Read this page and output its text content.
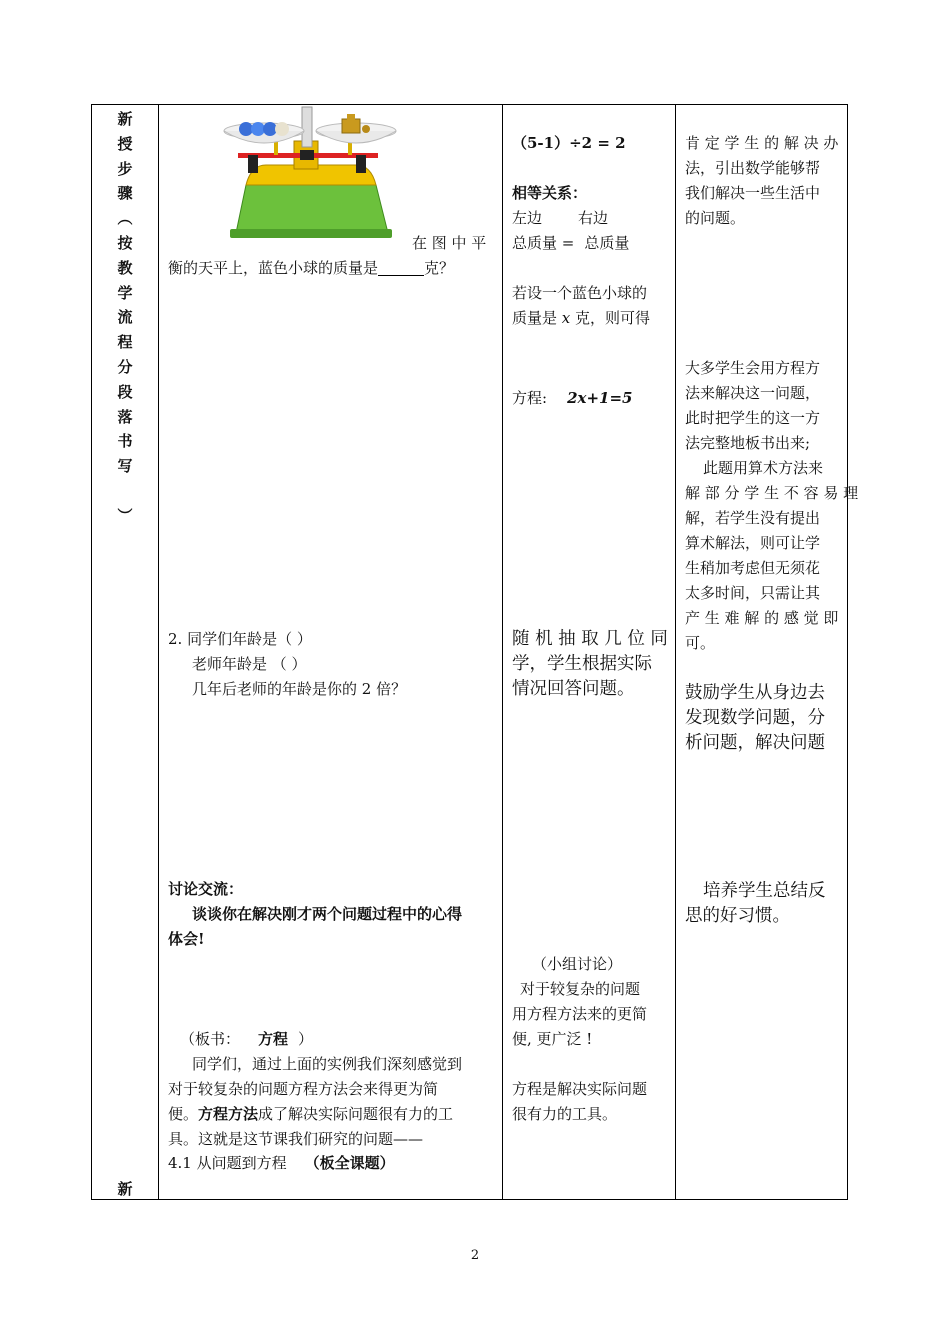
新
授
步
骤
︵
按
教
学
流
程
分
段
落
书
写
︶
新
在 图 中 平
衡的天平上，蓝色小球的质量是	克？
2. 同学们年龄是（ ）
老师年龄是 （ ）
几年后老师的年龄是你的 2 倍？
讨论交流：
谈谈你在解决刚才两个问题过程中的心得
体会!
（板书： 方程 ）
同学们，通过上面的实例我们深刻感觉到
对于较复杂的问题方程方法会来得更为简
便。方程方法成了解决实际问题很有力的工
具。这就是这节课我们研究的问题——
4.1 从问题到方程 （板全课题）
（5-1）÷2 = 2
相等关系：
左边 右边
总质量 = 总质量
若设一个蓝色小球的
质量是 x 克，则可得
方程: 2x+1=5
随 机 抽 取 几 位 同
学，学生根据实际
情况回答问题。
（小组讨论）
对于较复杂的问题
用方程方法来的更简
便, 更广泛 !
方程是解决实际问题
很有力的工具。
肯 定 学 生 的 解 决 办
法，引出数学能够帮
我们解决一些生活中
的问题。
大多学生会用方程方
法来解决这一问题，
此时把学生的这一方
法完整地板书出来;
此题用算术方法来
解 部 分 学 生 不 容 易 理
解，若学生没有提出
算术解法，则可让学
生稍加考虑但无须花
太多时间，只需让其
产 生 难 解 的 感 觉 即
可。
鼓励学生从身边去
发现数学问题，分
析问题，解决问题
培养学生总结反
思的好习惯。
2
